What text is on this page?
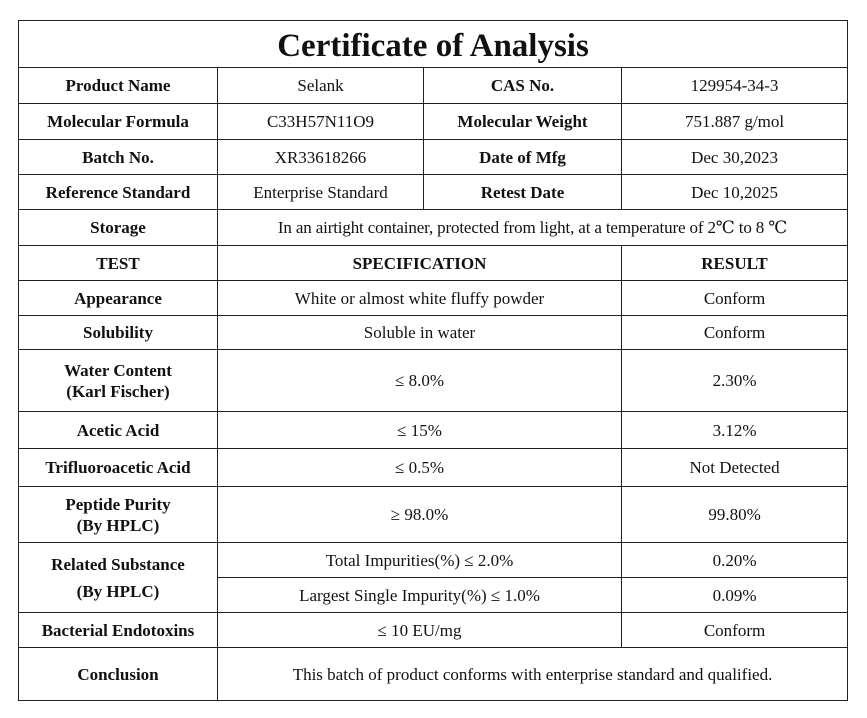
Certificate of Analysis			
Product Name	Selank	CAS No.	129954-34-3
Molecular Formula	C33H57N11O9	Molecular Weight	751.887 g/mol
Batch No.	XR33618266	Date of Mfg	Dec 30,2023
Reference Standard	Enterprise Standard	Retest Date	Dec 10,2025
Storage	In an airtight container, protected from light, at a temperature of 2℃ to 8 ℃		
TEST	SPECIFICATION		RESULT
Appearance	White or almost white fluffy powder		Conform
Solubility	Soluble in water		Conform

Water Content
(Karl Fischer)	≤ 8.0%		2.30%
Acetic Acid	≤ 15%		3.12%
Trifluoroacetic Acid	≤ 0.5%		Not Detected

Peptide Purity
(By HPLC)	≥ 98.0%		99.80%

Related Substance
(By HPLC)	Total Impurities(%) ≤ 2.0%		0.20%
	Largest Single Impurity(%) ≤ 1.0%		0.09%
Bacterial Endotoxins	≤ 10 EU/mg		Conform
Conclusion	This batch of product conforms with enterprise standard and qualified.		
